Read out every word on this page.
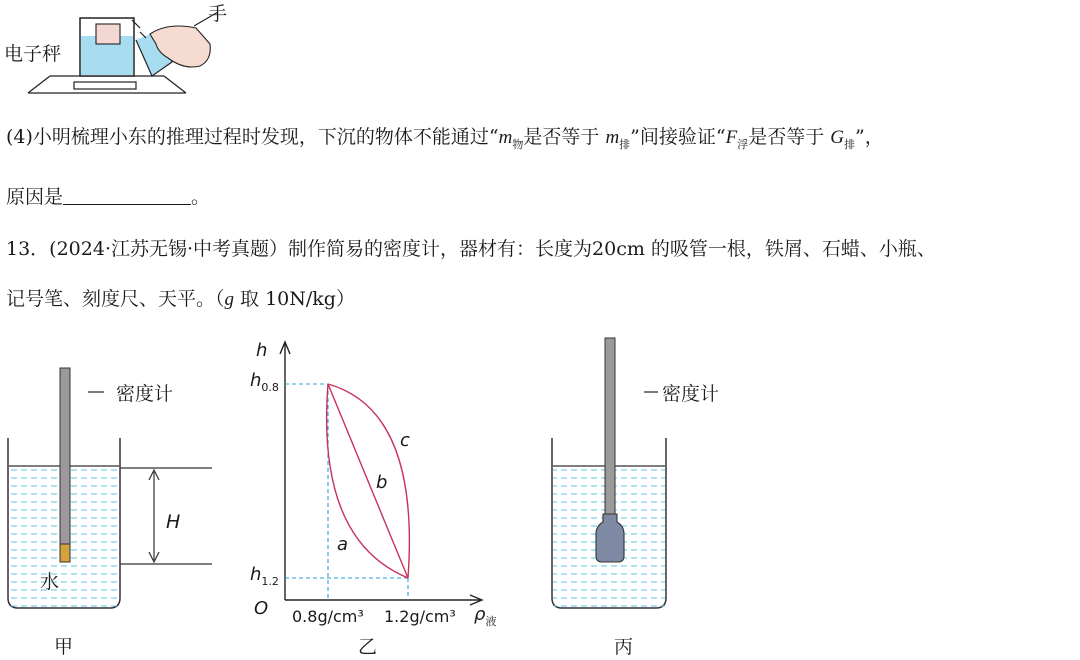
电子秤
手
(4)小明梳理小东的推理过程时发现，下沉的物体不能通过“$m_物$是否等于 $m_排$”间接验证“$F_浮$是否等于 $G_排$”，
原因是	。
13．(2024·江苏无锡·中考真题）制作简易的密度计，器材有：长度为20cm 的吸管一根，铁屑、石蜡、小瓶、
记号笔、刻度尺、天平。（g 取 10N/kg）
密度计
H
水
甲
h
$h_{0.8}$
$h_{1.2}$
O 0.8g/cm³ 1.2g/cm³ $\rho_液$
a
b
c
乙
密度计
丙
